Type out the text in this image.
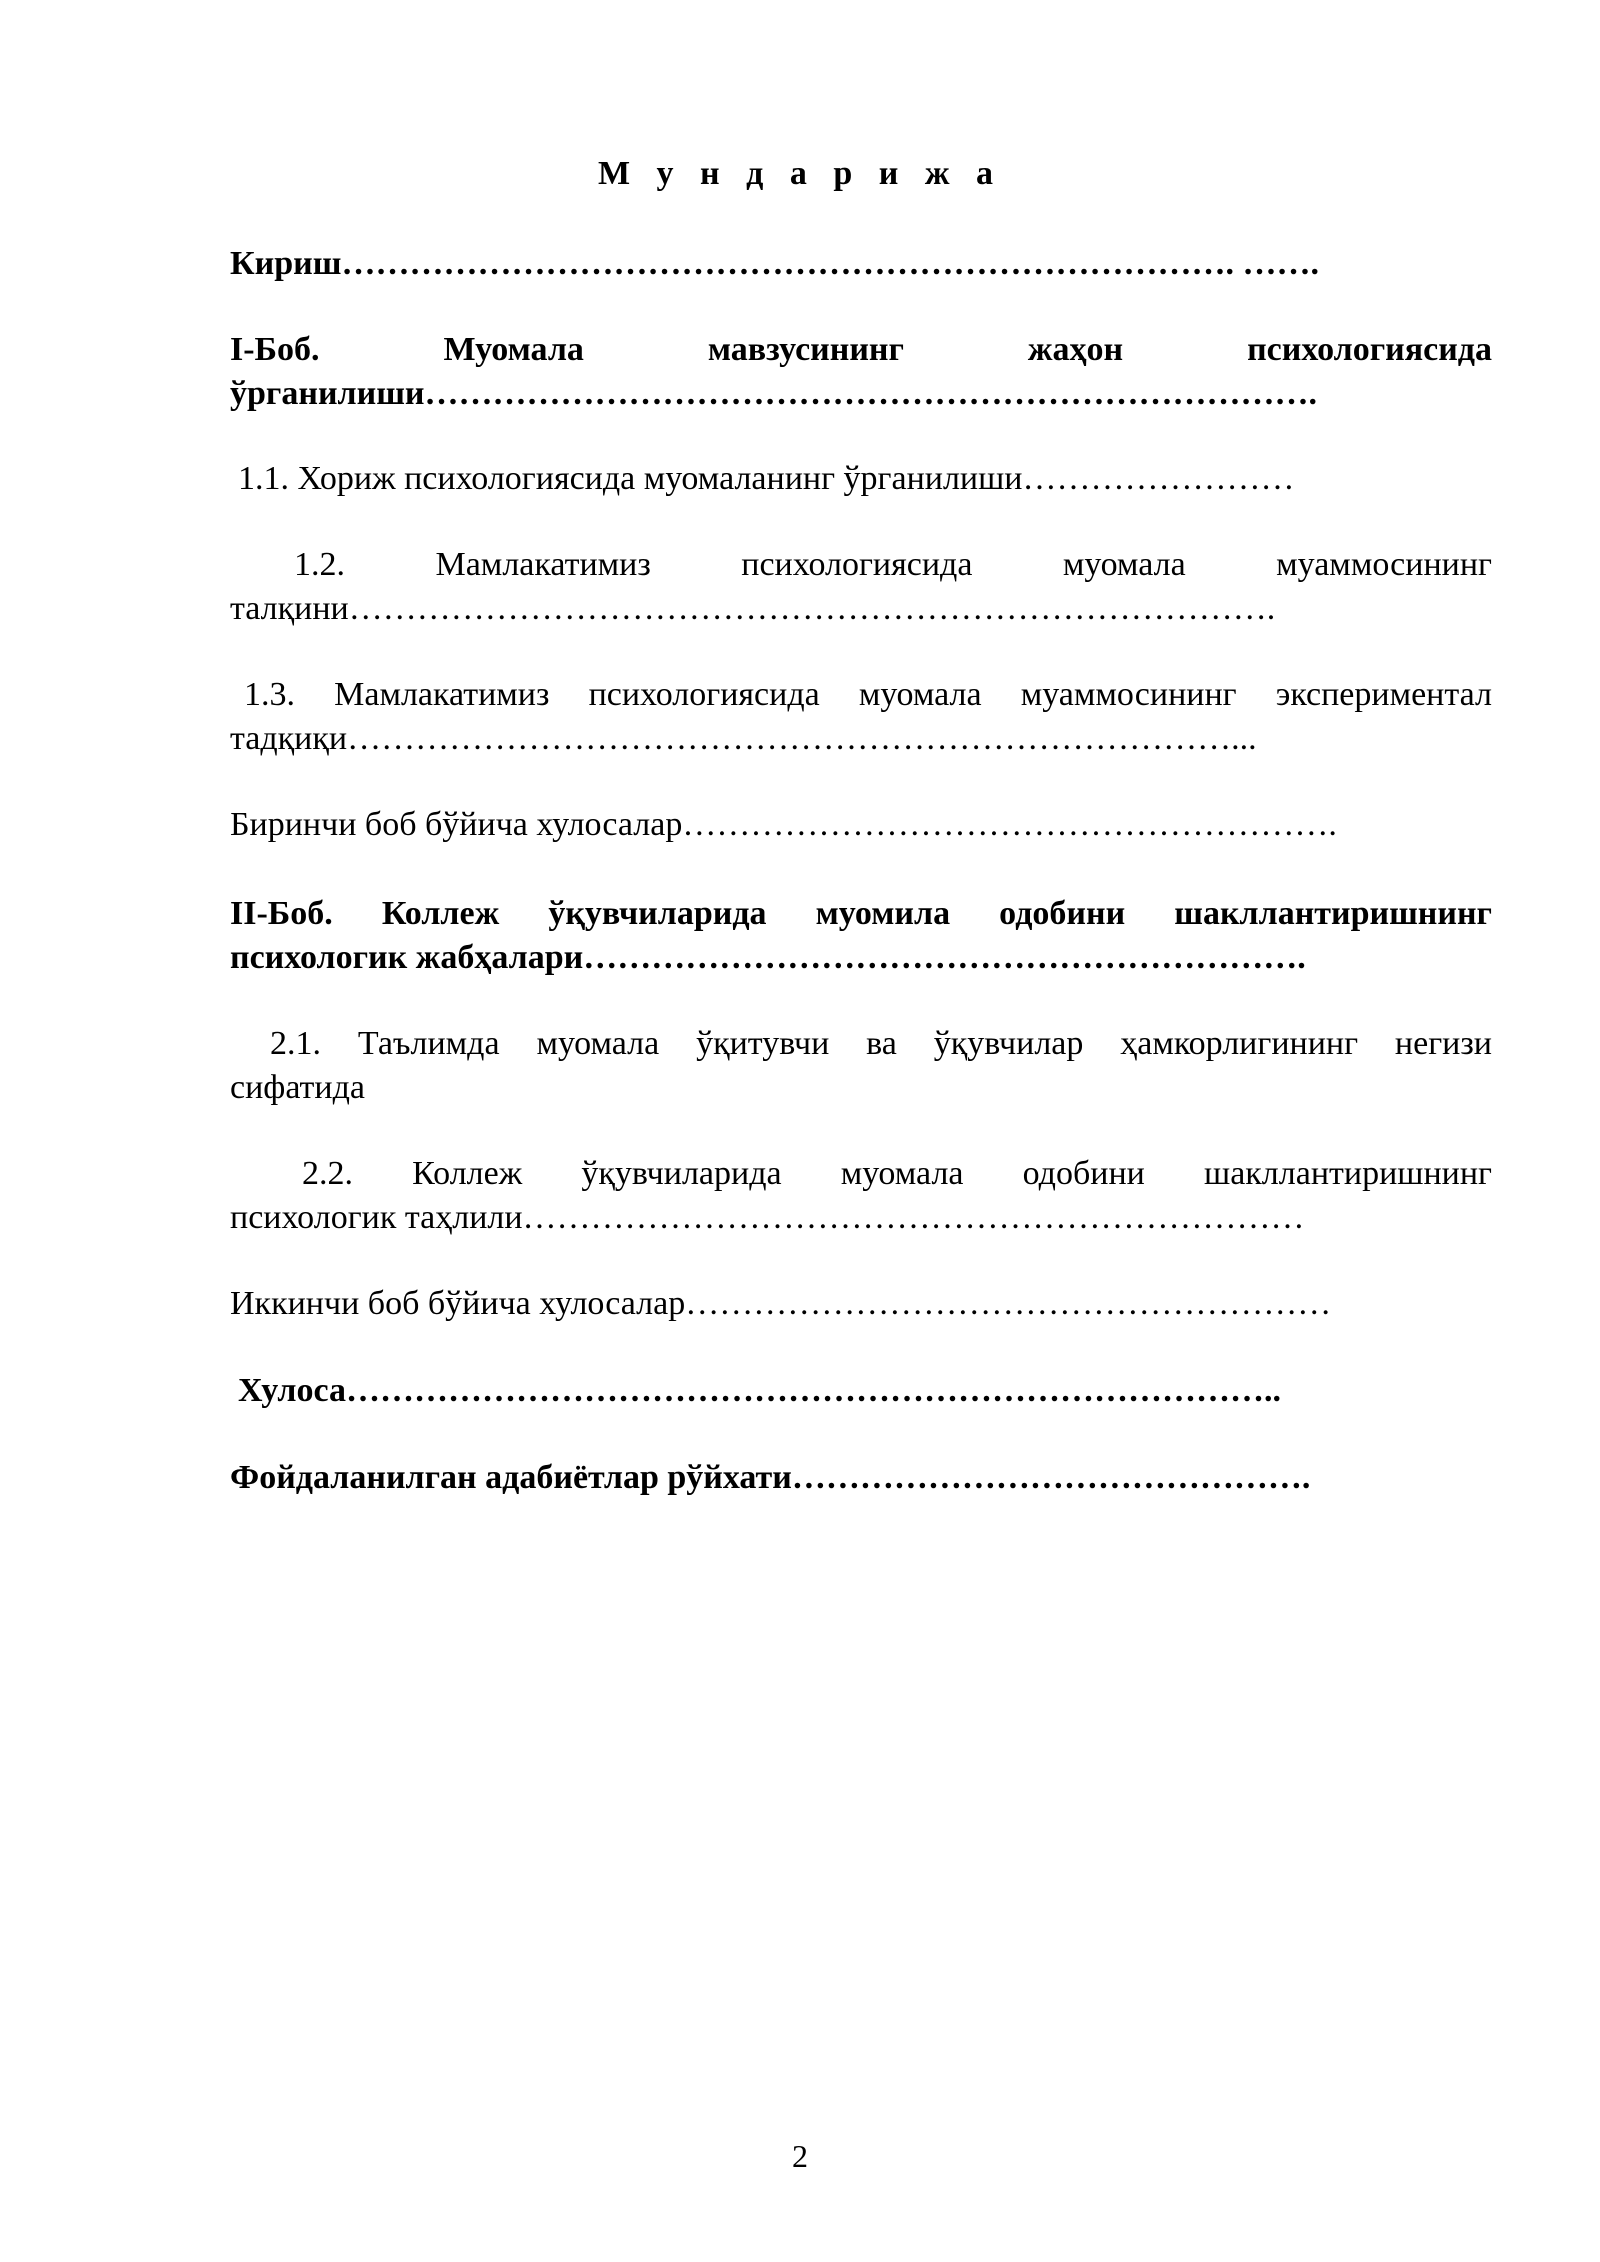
М у н д а р и ж а
Кириш……………………………………………………………………. …….
I-Боб. Муомала мавзусининг жаҳон психологиясида
ўрганилиши…………………………………………………………………….
1.1. Хориж психологиясида муомаланинг ўрганилиши……………………
1.2. Мамлакатимиз психологиясида муомала муаммосининг
талқини……………………………………………………………………….
1.3. Мамлакатимиз психологиясида муомала муаммосининг экспериментал
тадқиқи……………………………………………………………………...
Биринчи боб бўйича хулосалар………………………………………………….
II-Боб. Коллеж ўқувчиларида муомила одобини шакллантиришнинг
психологик жабҳалари……………………………………………………….
2.1. Таълимда муомала ўқитувчи ва ўқувчилар ҳамкорлигининг негизи
сифатида
2.2. Коллеж ўқувчиларида муомала одобини шакллантиришнинг
психологик таҳлили……………………………………………………………
Иккинчи боб бўйича хулосалар…………………………………………………
Хулоса………………………………………………………………………..
Фойдаланилган адабиётлар рўйхати……………………………………….
2
